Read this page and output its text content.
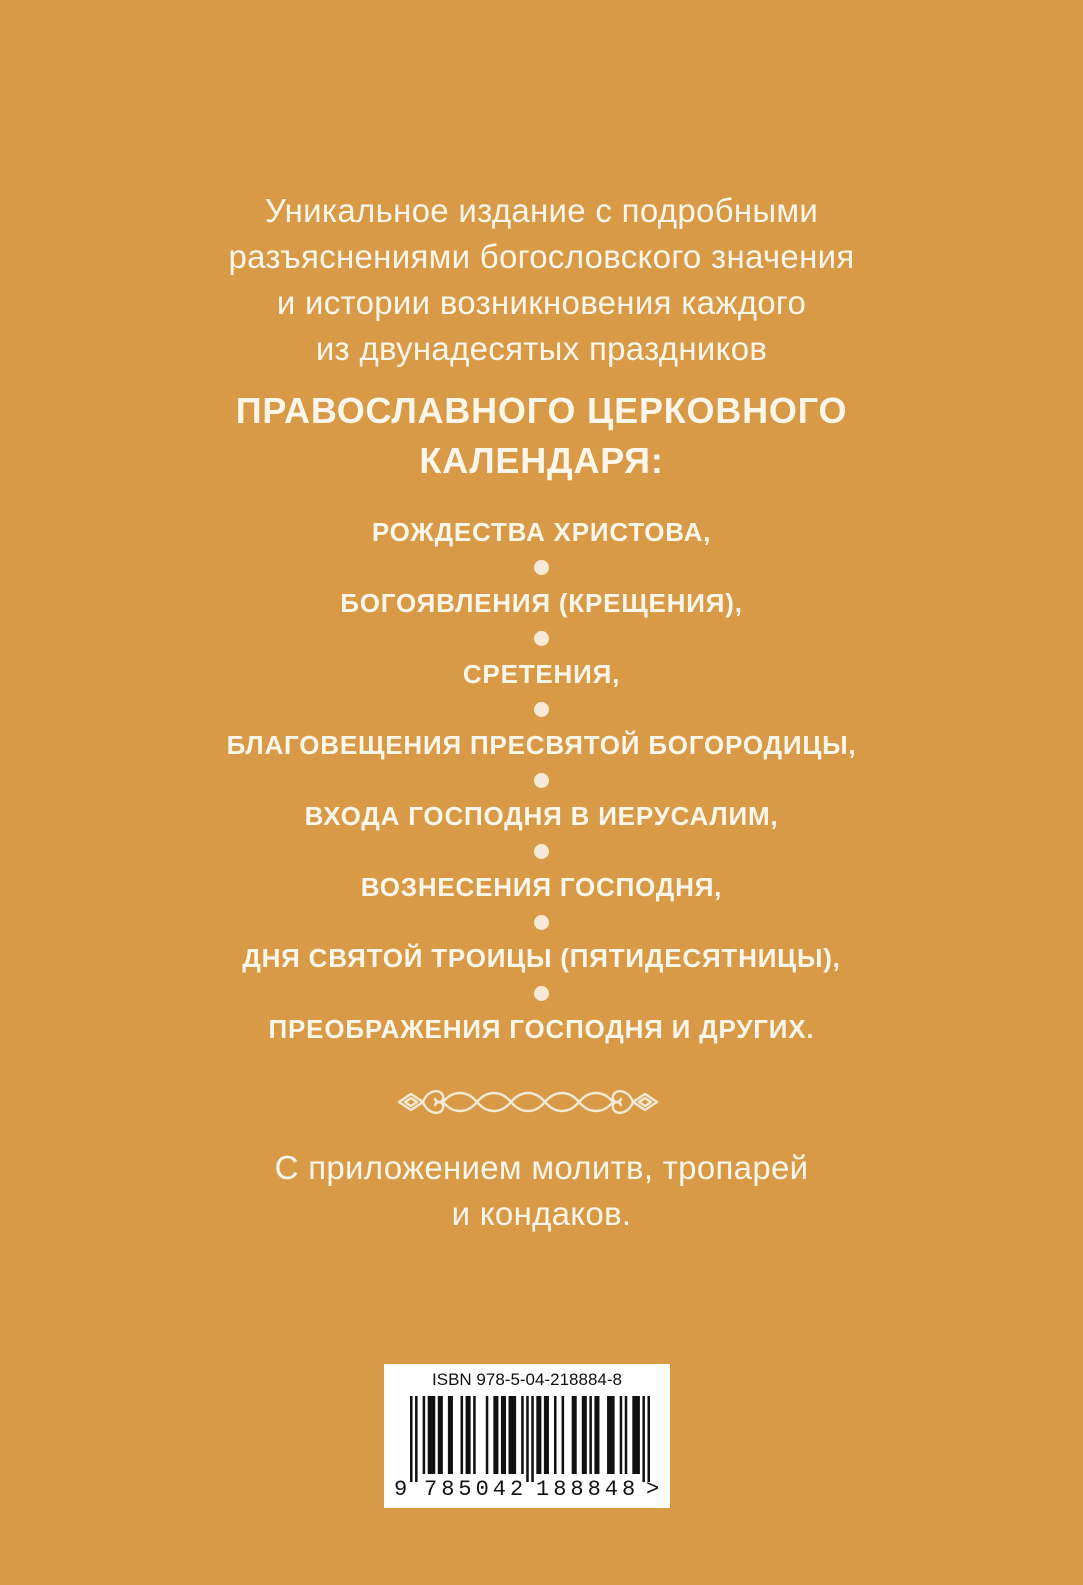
Уникальное издание с подробными
разъяснениями богословского значения
и истории возникновения каждого
из двунадесятых праздников
ПРАВОСЛАВНОГО ЦЕРКОВНОГО
КАЛЕНДАРЯ:
РОЖДЕСТВА ХРИСТОВА,
БОГОЯВЛЕНИЯ (КРЕЩЕНИЯ),
СРЕТЕНИЯ,
БЛАГОВЕЩЕНИЯ ПРЕСВЯТОЙ БОГОРОДИЦЫ,
ВХОДА ГОСПОДНЯ В ИЕРУСАЛИМ,
ВОЗНЕСЕНИЯ ГОСПОДНЯ,
ДНЯ СВЯТОЙ ТРОИЦЫ (ПЯТИДЕСЯТНИЦЫ),
ПРЕОБРАЖЕНИЯ ГОСПОДНЯ И ДРУГИХ.
С приложением молитв, тропарей
и кондаков.
ISBN 978-5-04-218884-8
9 785042 188848 >
